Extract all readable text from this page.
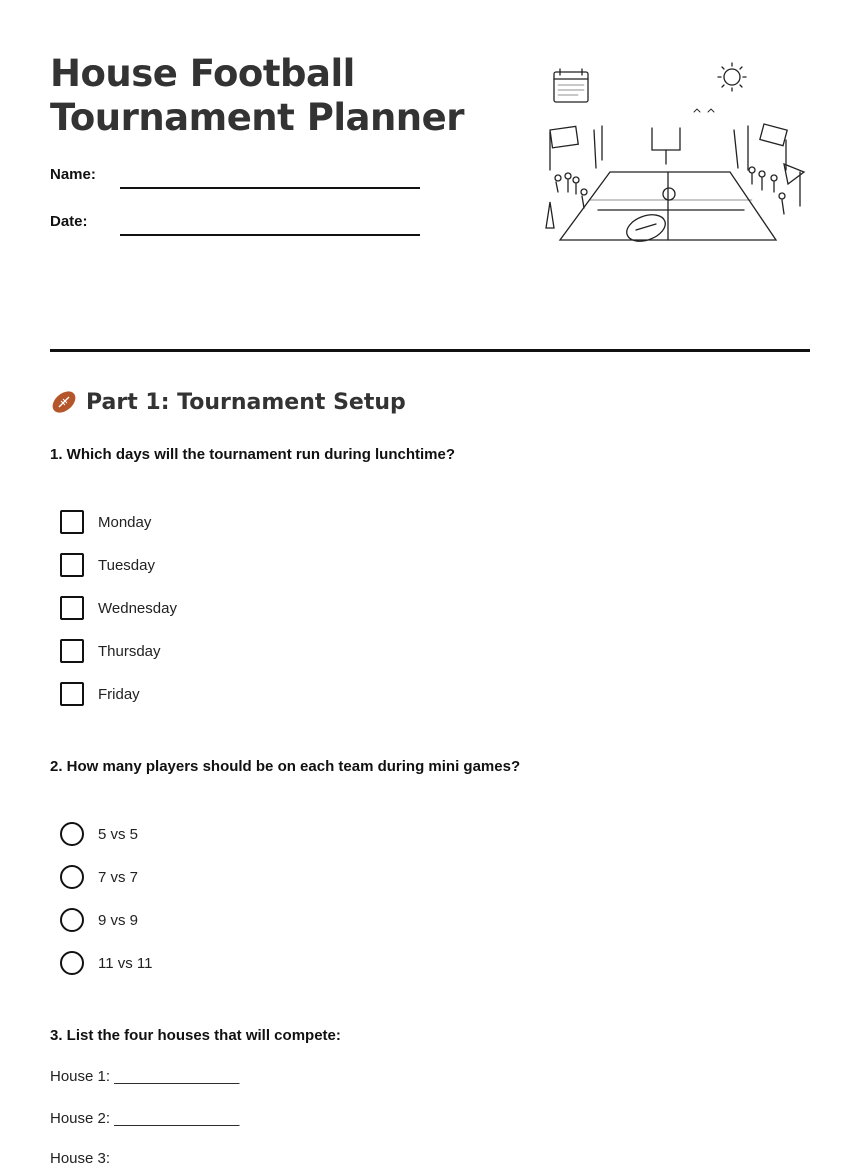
House Football
Tournament Planner
Name:
Date:
Part 1: Tournament Setup

1. Which days will the tournament run during lunchtime?

Monday
Tuesday
Wednesday
Thursday
Friday

2. How many players should be on each team during mini games?

5 vs 5
7 vs 7
9 vs 9
11 vs 11

3. List the four houses that will compete:

House 1: _______________
House 2: _______________
House 3:
